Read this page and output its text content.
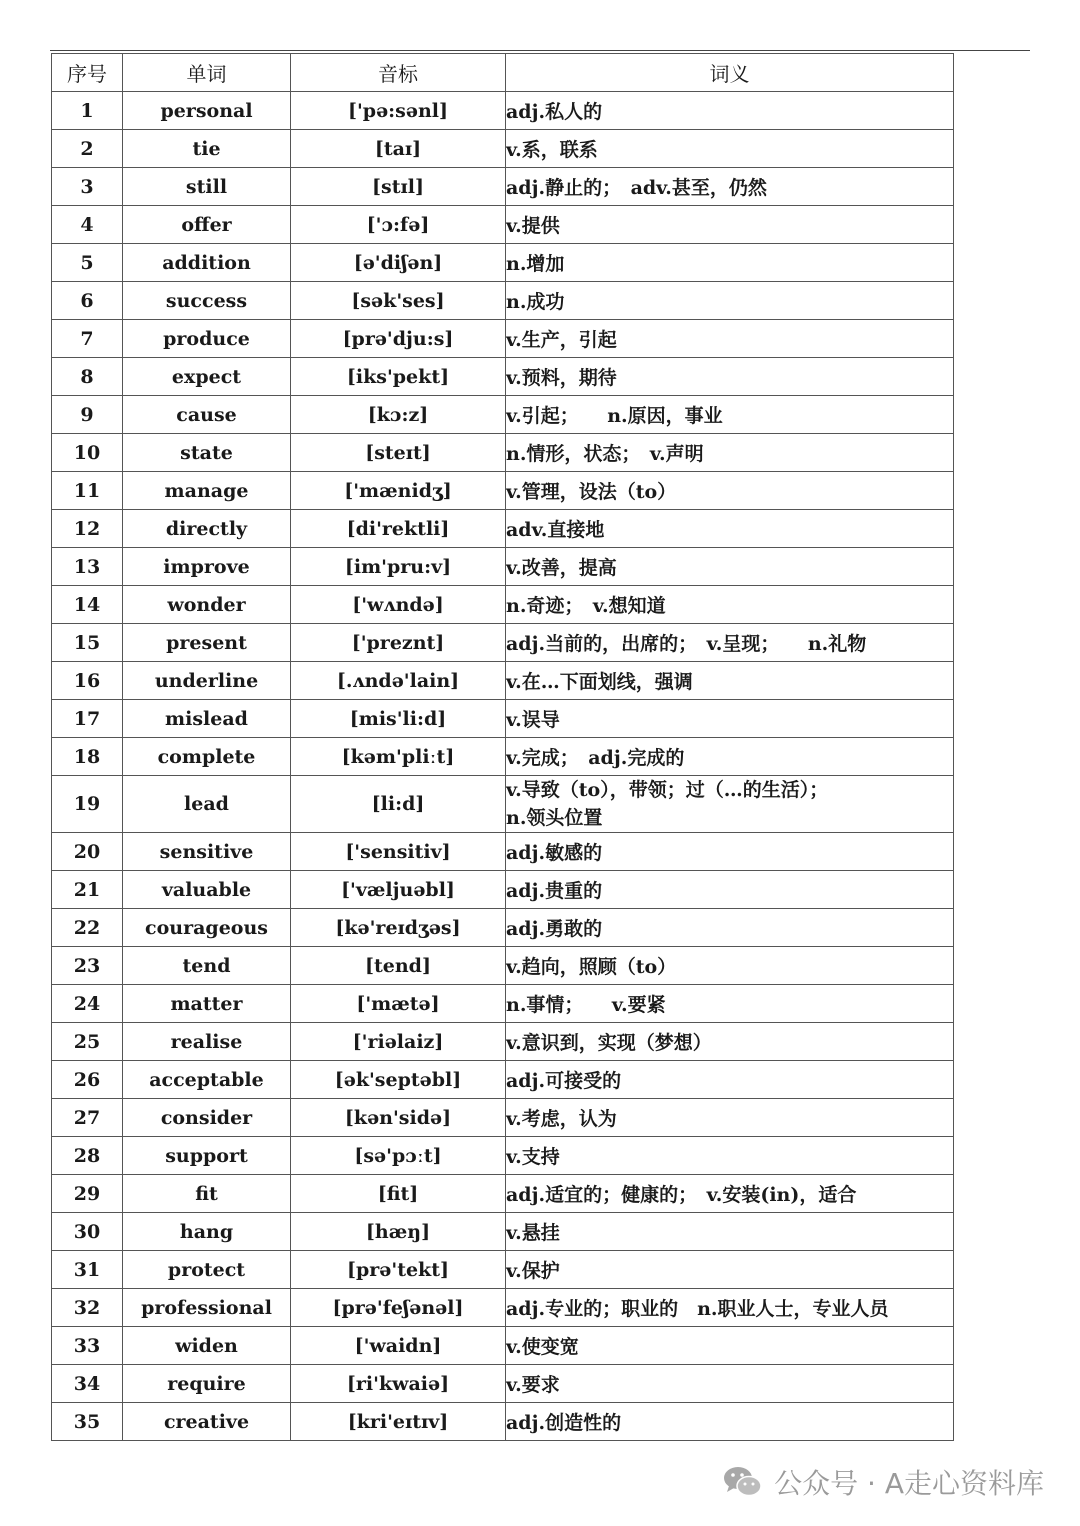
序号	单词	音标	词义
1	personal	['pə:sənl]	adj.私人的
2	tie	[taɪ]	v.系，联系
3	still	[stɪl]	adj.静止的；　adv.甚至，仍然
4	offer	['ɔ:fə]	v.提供
5	addition	[ə'diʃən]	n.增加
6	success	[sək'ses]	n.成功
7	produce	[prə'dju:s]	v.生产，引起
8	expect	[iks'pekt]	v.预料，期待
9	cause	[kɔ:z]	v.引起；　　n.原因，事业
10	state	[steɪt]	n.情形，状态；　v.声明
11	manage	['mænidʒ]	v.管理，设法（to）
12	directly	[di'rektli]	adv.直接地
13	improve	[im'pru:v]	v.改善，提高
14	wonder	['wʌndə]	n.奇迹；　v.想知道
15	present	['preznt]	adj.当前的，出席的；　v.呈现；　　n.礼物
16	underline	[.ʌndə'lain]	v.在…下面划线，强调
17	mislead	[mis'li:d]	v.误导
18	complete	[kəm'pliːt]	v.完成；　adj.完成的
19	lead	[li:d]	v.导致（to），带领；过（…的生活）；
n.领头位置

20	sensitive	['sensitiv]	adj.敏感的
21	valuable	['væljuəbl]	adj.贵重的
22	courageous	[kə'reɪdʒəs]	adj.勇敢的
23	tend	[tend]	v.趋向，照顾（to）
24	matter	['mætə]	n.事情；　　v.要紧
25	realise	['riəlaiz]	v.意识到，实现（梦想）
26	acceptable	[ək'septəbl]	adj.可接受的
27	consider	[kən'sidə]	v.考虑，认为
28	support	[sə'pɔːt]	v.支持
29	fit	[fit]	adj.适宜的；健康的；　v.安装(in)，适合
30	hang	[hæŋ]	v.悬挂
31	protect	[prə'tekt]	v.保护
32	professional	[prə'feʃənəl]	adj.专业的；职业的　n.职业人士，专业人员
33	widen	['waidn]	v.使变宽
34	require	[ri'kwaiə]	v.要求
35	creative	[kri'eɪtɪv]	adj.创造性的
公众号 · A走心资料库
